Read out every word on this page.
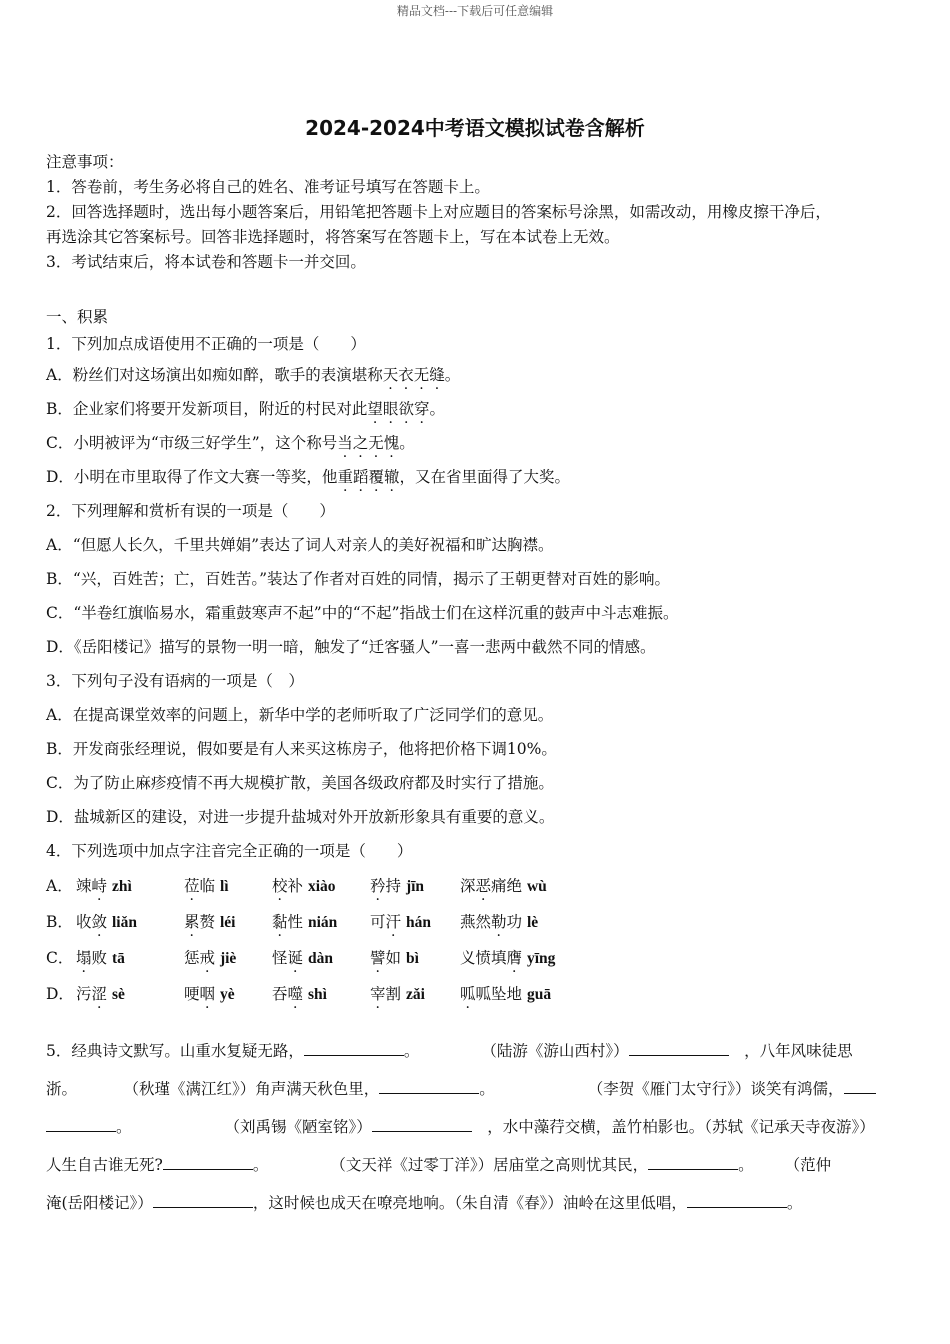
精品文档---下载后可任意编辑
2024-2024中考语文模拟试卷含解析
注意事项：
1．答卷前，考生务必将自己的姓名、准考证号填写在答题卡上。
2．回答选择题时，选出每小题答案后，用铅笔把答题卡上对应题目的答案标号涂黑，如需改动，用橡皮擦干净后，
再选涂其它答案标号。回答非选择题时，将答案写在答题卡上，写在本试卷上无效。
3．考试结束后，将本试卷和答题卡一并交回。
一、积累
1．下列加点成语使用不正确的一项是（　　）
A．粉丝们对这场演出如痴如醉，歌手的表演堪称天衣无缝。
B．企业家们将要开发新项目，附近的村民对此望眼欲穿。
C．小明被评为“市级三好学生”，这个称号当之无愧。
D．小明在市里取得了作文大赛一等奖，他重蹈覆辙，又在省里面得了大奖。
2．下列理解和赏析有误的一项是（　　）
A．“但愿人长久，千里共婵娟”表达了词人对亲人的美好祝福和旷达胸襟。
B．“兴，百姓苦；亡，百姓苦。”装达了作者对百姓的同情，揭示了王朝更替对百姓的影响。
C．“半卷红旗临易水，霜重鼓寒声不起”中的“不起”指战士们在这样沉重的鼓声中斗志难振。
D．《岳阳楼记》描写的景物一明一暗，触发了“迁客骚人”一喜一悲两中截然不同的情感。
3．下列句子没有语病的一项是（　）
A．在提高课堂效率的问题上，新华中学的老师听取了广泛同学们的意见。
B．开发商张经理说，假如要是有人来买这栋房子，他将把价格下调10%。
C．为了防止麻疹疫情不再大规模扩散，美国各级政府都及时实行了措施。
D．盐城新区的建设，对进一步提升盐城对外开放新形象具有重要的意义。
4．下列选项中加点字注音完全正确的一项是（　　）
A． 竦峙 zhì	莅临 lì	校补 xiào	矜持 jīn	深恶痛绝 wù
B． 收敛 liǎn	累赘 léi	黏性 nián	可汗 hán	燕然勒功 lè
C． 塌败 tā	惩戒 jiè	怪诞 dàn	譬如 bì	义愤填膺 yīng
D． 污涩 sè	哽咽 yè	吞噬 shì	宰割 zǎi	呱呱坠地 guā
5．经典诗文默写。山重水复疑无路，	。　　　　　（陆游《游山西村》）　	，八年风味徒思
浙。　　　　（秋瑾《满江红》）角声满天秋色里，	。　　　　　　　（李贺《雁门太守行》）谈笑有鸿儒，
。　　　　　　　（刘禹锡《陋室铭》）　	，水中藻荇交横，盖竹柏影也。（苏轼《记承天寺夜游》）
人生自古谁无死?	。　　　　　（文天祥《过零丁洋》）居庙堂之高则忧其民，	。　　　（范仲
淹(岳阳楼记》）	，这时候也成天在嘹亮地响。（朱自清《春》）油岭在这里低唱，	。
